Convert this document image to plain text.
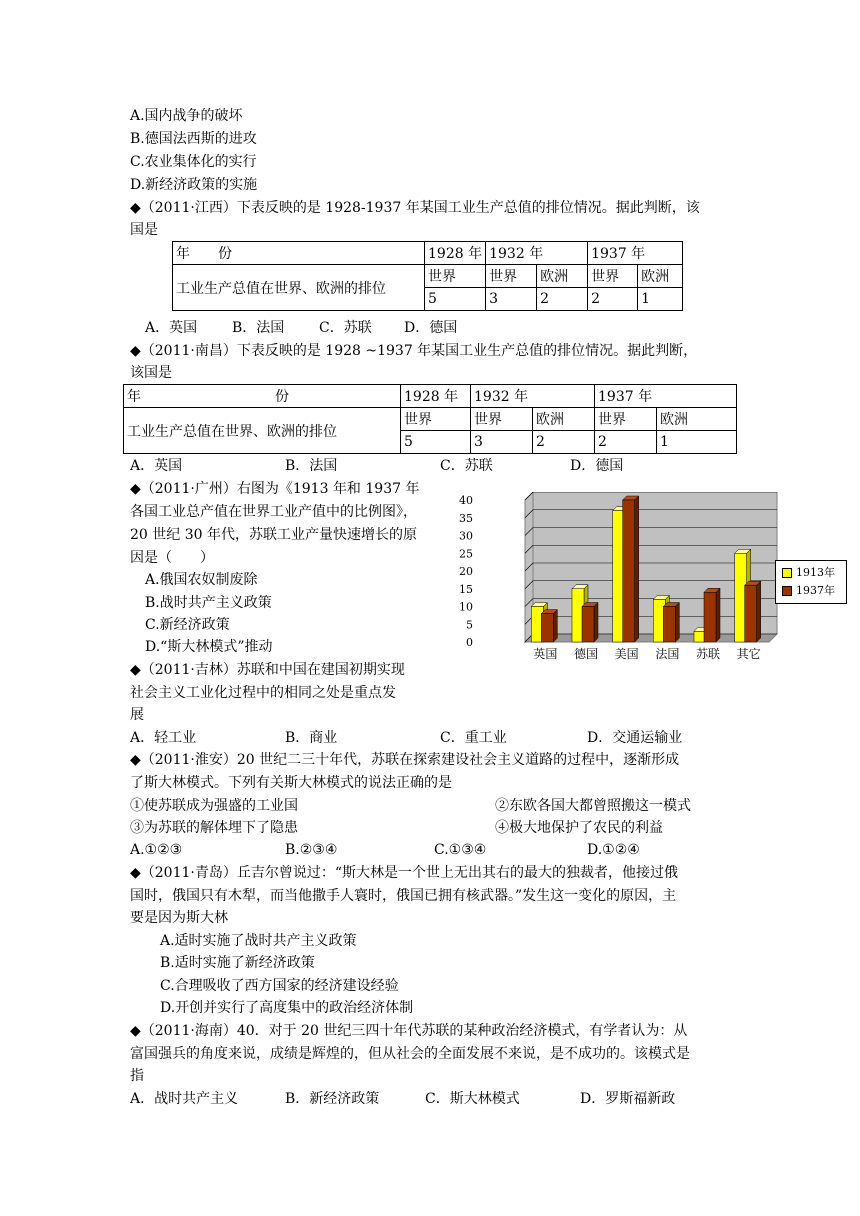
A.国内战争的破坏
B.德国法西斯的进攻
C.农业集体化的实行
D.新经济政策的实施
◆（2011·江西）下表反映的是 1928-1937 年某国工业生产总值的排位情况。据此判断，该
国是
年　　份	1928 年	1932 年		1937 年	
工业生产总值在世界、欧洲的排位	世界	世界	欧洲	世界	欧洲
	5	3	2	2	1
A．英国 B．法国 C．苏联 D．德国
◆（2011·南昌）下表反映的是 1928 ~1937 年某国工业生产总值的排位情况。据此判断，
该国是
年 份	1928 年	1932 年		1937 年	
工业生产总值在世界、欧洲的排位	世界	世界	欧洲	世界	欧洲
	5	3	2	2	1
A．英国	B．法国	C．苏联	D．德国
◆（2011·广州）右图为《1913 年和 1937 年
各国工业总产值在世界工业产值中的比例图》，
20 世纪 30 年代，苏联工业产量快速增长的原
因是（　　）
A.俄国农奴制废除
B.战时共产主义政策
C.新经济政策
D.“斯大林模式”推动	0
5
10
15
20
25
30
35
40
英国 德国 美国 法国 苏联 其它
1913年
1937年
◆（2011·吉林）苏联和中国在建国初期实现
社会主义工业化过程中的相同之处是重点发
展
A．轻工业	B．商业	C．重工业	D．交通运输业
◆（2011·淮安）20 世纪二三十年代，苏联在探索建设社会主义道路的过程中，逐渐形成
了斯大林模式。下列有关斯大林模式的说法正确的是
①使苏联成为强盛的工业国	②东欧各国大都曾照搬这一模式
③为苏联的解体埋下了隐患	④极大地保护了农民的利益
A.①②③	B.②③④	C.①③④	D.①②④
◆（2011·青岛）丘吉尔曾说过：“斯大林是一个世上无出其右的最大的独裁者，他接过俄
国时，俄国只有木犁，而当他撒手人寰时，俄国已拥有核武器。”发生这一变化的原因，主
要是因为斯大林
A.适时实施了战时共产主义政策
B.适时实施了新经济政策
C.合理吸收了西方国家的经济建设经验
D.开创并实行了高度集中的政治经济体制
◆（2011·海南）40．对于 20 世纪三四十年代苏联的某种政治经济模式，有学者认为：从
富国强兵的角度来说，成绩是辉煌的，但从社会的全面发展不来说，是不成功的。该模式是
指
A．战时共产主义	B．新经济政策	C．斯大林模式	D．罗斯福新政
